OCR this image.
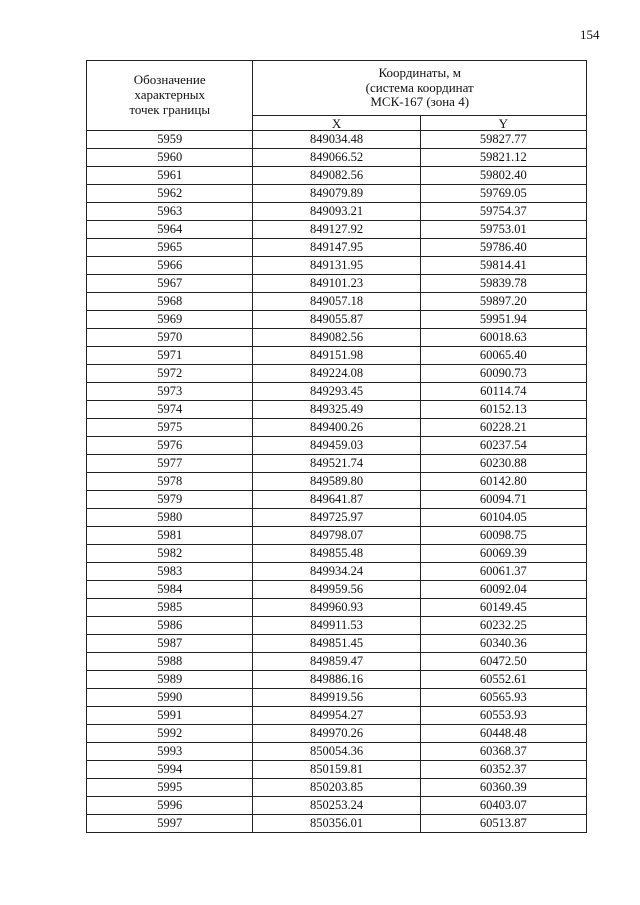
154
Обозначение
характерных
точек границы	Координаты, м
(система координат
МСК-167 (зона 4)	

	X	Y
5959	849034.48	59827.77
5960	849066.52	59821.12
5961	849082.56	59802.40
5962	849079.89	59769.05
5963	849093.21	59754.37
5964	849127.92	59753.01
5965	849147.95	59786.40
5966	849131.95	59814.41
5967	849101.23	59839.78
5968	849057.18	59897.20
5969	849055.87	59951.94
5970	849082.56	60018.63
5971	849151.98	60065.40
5972	849224.08	60090.73
5973	849293.45	60114.74
5974	849325.49	60152.13
5975	849400.26	60228.21
5976	849459.03	60237.54
5977	849521.74	60230.88
5978	849589.80	60142.80
5979	849641.87	60094.71
5980	849725.97	60104.05
5981	849798.07	60098.75
5982	849855.48	60069.39
5983	849934.24	60061.37
5984	849959.56	60092.04
5985	849960.93	60149.45
5986	849911.53	60232.25
5987	849851.45	60340.36
5988	849859.47	60472.50
5989	849886.16	60552.61
5990	849919.56	60565.93
5991	849954.27	60553.93
5992	849970.26	60448.48
5993	850054.36	60368.37
5994	850159.81	60352.37
5995	850203.85	60360.39
5996	850253.24	60403.07
5997	850356.01	60513.87
